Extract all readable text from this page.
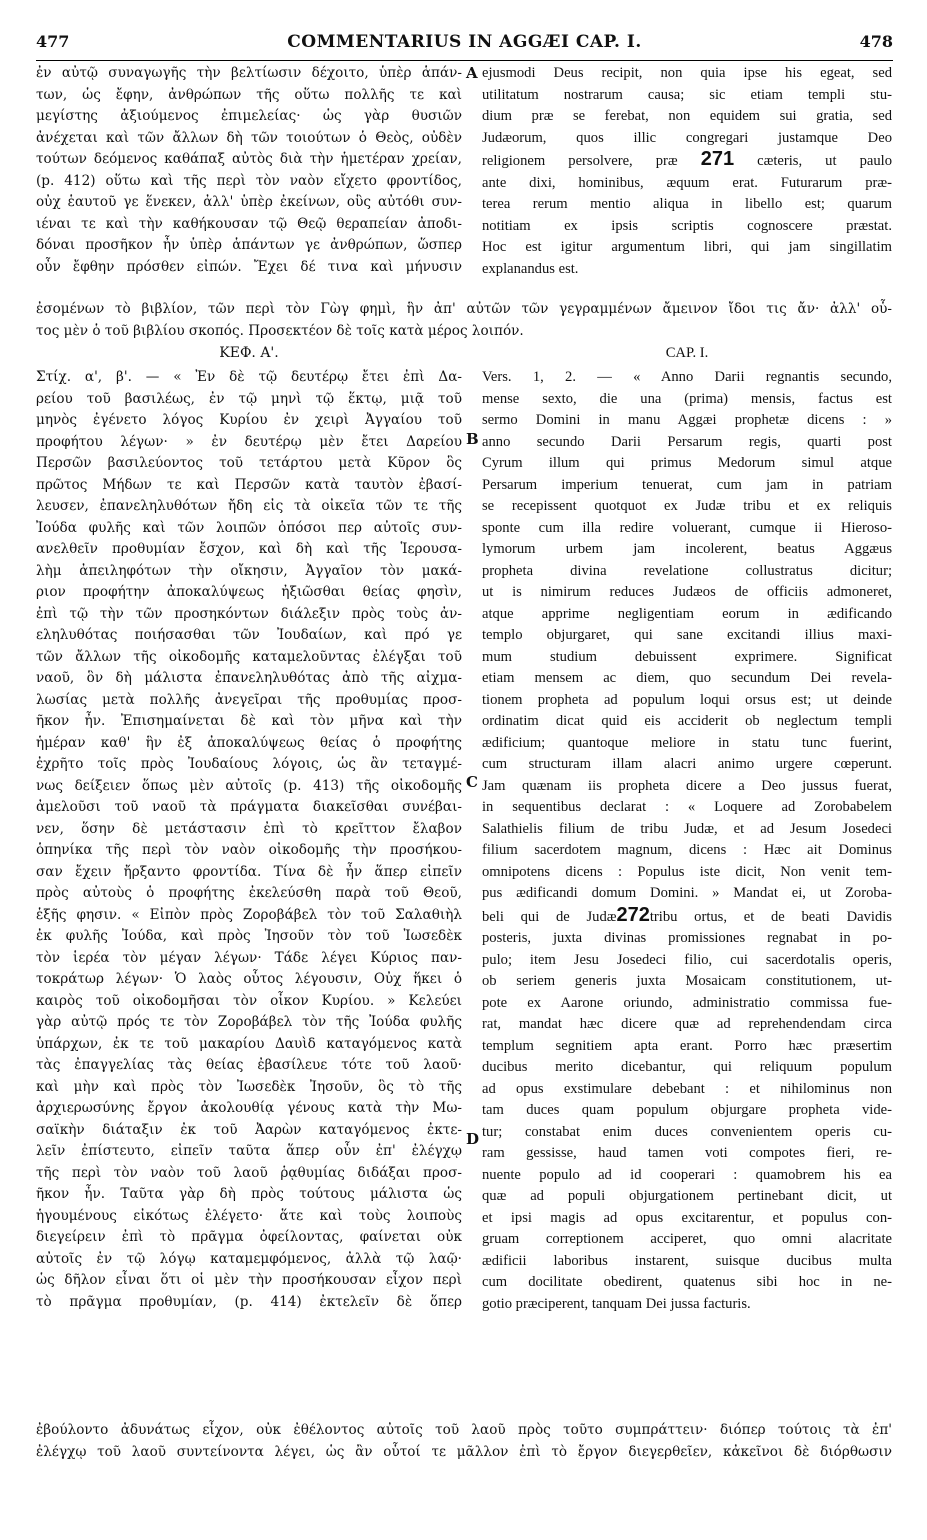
477	COMMENTARIUS IN AGGÆI CAP. I.	478
ἐν αὐτῷ συναγωγῆς τὴν βελτίωσιν δέχοιτο, ὑπὲρ ἁπάν-
των, ὡς ἔφην, ἀνθρώπων τῆς οὕτω πολλῆς τε καὶ
μεγίστης ἀξιούμενος ἐπιμελείας· ὡς γὰρ θυσιῶν
ἀνέχεται καὶ τῶν ἄλλων δὴ τῶν τοιούτων ὁ Θεὸς, οὐδὲν
τούτων δεόμενος καθάπαξ αὐτὸς διὰ τὴν ἡμετέραν χρείαν,
(p. 412) οὕτω καὶ τῆς περὶ τὸν ναὸν εἴχετο φροντίδος,
οὐχ ἑαυτοῦ γε ἕνεκεν, ἀλλ' ὑπὲρ ἐκείνων, οὓς αὐτόθι συν-
ιέναι τε καὶ τὴν καθήκουσαν τῷ Θεῷ θεραπείαν ἀποδι-
δόναι προσῆκον ἦν ὑπὲρ ἁπάντων γε ἀνθρώπων, ὥσπερ
οὖν ἔφθην πρόσθεν εἰπών. Ἔχει δέ τινα καὶ μήνυσιν
ejusmodi Deus recipit, non quia ipse his egeat, sed
utilitatum nostrarum causa; sic etiam templi stu-
dium præ se ferebat, non equidem sui gratia, sed
Judæorum, quos illic congregari justamque Deo
religionem persolvere, præ 271 cæteris, ut paulo
ante dixi, hominibus, æquum erat. Futurarum præ-
terea rerum mentio aliqua in libello est; quarum
notitiam ex ipsis scriptis cognoscere præstat.
Hoc est igitur argumentum libri, qui jam singillatim
explanandus est.
A
B
C
D
ἐσομένων τὸ βιβλίον, τῶν περὶ τὸν Γὼγ φημὶ, ἣν ἀπ' αὐτῶν τῶν γεγραμμένων ἄμεινον ἴδοι τις ἄν· ἀλλ' οὗ-
τος μὲν ὁ τοῦ βιβλίου σκοπός. Προσεκτέον δὲ τοῖς κατὰ μέρος λοιπόν.
ΚΕΦ. Α'.	CAP. I.
Στίχ. α', β'. — « Ἐν δὲ τῷ δευτέρῳ ἔτει ἐπὶ Δα-
ρείου τοῦ βασιλέως, ἐν τῷ μηνὶ τῷ ἕκτῳ, μιᾷ τοῦ
μηνὸς ἐγένετο λόγος Κυρίου ἐν χειρὶ Ἀγγαίου τοῦ
προφήτου λέγων· » ἐν δευτέρῳ μὲν ἔτει Δαρείου
Περσῶν βασιλεύοντος τοῦ τετάρτου μετὰ Κῦρον ὃς
πρῶτος Μήδων τε καὶ Περσῶν κατὰ ταυτὸν ἐβασί-
λευσεν, ἐπανεληλυθότων ἤδη εἰς τὰ οἰκεῖα τῶν τε τῆς
Ἰούδα φυλῆς καὶ τῶν λοιπῶν ὁπόσοι περ αὐτοῖς συν-
ανελθεῖν προθυμίαν ἔσχον, καὶ δὴ καὶ τῆς Ἱερουσα-
λὴμ ἀπειληφότων τὴν οἴκησιν, Ἀγγαῖον τὸν μακά-
ριον προφήτην ἀποκαλύψεως ἠξιῶσθαι θείας φησὶν,
ἐπὶ τῷ τὴν τῶν προσηκόντων διάλεξιν πρὸς τοὺς ἀν-
εληλυθότας ποιήσασθαι τῶν Ἰουδαίων, καὶ πρό γε
τῶν ἄλλων τῆς οἰκοδομῆς καταμελοῦντας ἐλέγξαι τοῦ
ναοῦ, ὃν δὴ μάλιστα ἐπανεληλυθότας ἀπὸ τῆς αἰχμα-
λωσίας μετὰ πολλῆς ἀνεγεῖραι τῆς προθυμίας προσ-
ῆκον ἦν. Ἐπισημαίνεται δὲ καὶ τὸν μῆνα καὶ τὴν
ἡμέραν καθ' ἣν ἐξ ἀποκαλύψεως θείας ὁ προφήτης
ἐχρῆτο τοῖς πρὸς Ἰουδαίους λόγοις, ὡς ἂν τεταγμέ-
νως δείξειεν ὅπως μὲν αὐτοῖς (p. 413) τῆς οἰκοδομῆς
ἀμελοῦσι τοῦ ναοῦ τὰ πράγματα διακεῖσθαι συνέβαι-
νεν, ὅσην δὲ μετάστασιν ἐπὶ τὸ κρεῖττον ἔλαβον
ὁπηνίκα τῆς περὶ τὸν ναὸν οἰκοδομῆς τὴν προσήκου-
σαν ἔχειν ἤρξαντο φροντίδα. Τίνα δὲ ἦν ἅπερ εἰπεῖν
πρὸς αὐτοὺς ὁ προφήτης ἐκελεύσθη παρὰ τοῦ Θεοῦ,
ἑξῆς φησιν. « Εἰπὸν πρὸς Ζοροβάβελ τὸν τοῦ Σαλαθιὴλ
ἐκ φυλῆς Ἰούδα, καὶ πρὸς Ἰησοῦν τὸν τοῦ Ἰωσεδὲκ
τὸν ἱερέα τὸν μέγαν λέγων· Τάδε λέγει Κύριος παν-
τοκράτωρ λέγων· Ὁ λαὸς οὗτος λέγουσιν, Οὐχ ἥκει ὁ
καιρὸς τοῦ οἰκοδομῆσαι τὸν οἶκον Κυρίου. » Κελεύει
γὰρ αὐτῷ πρός τε τὸν Ζοροβάβελ τὸν τῆς Ἰούδα φυλῆς
ὑπάρχων, ἐκ τε τοῦ μακαρίου Δαυὶδ καταγόμενος κατὰ
τὰς ἐπαγγελίας τὰς θείας ἐβασίλευε τότε τοῦ λαοῦ·
καὶ μὴν καὶ πρὸς τὸν Ἰωσεδὲκ Ἰησοῦν, ὃς τὸ τῆς
ἀρχιερωσύνης ἔργον ἀκολουθίᾳ γένους κατὰ τὴν Μω-
σαϊκὴν διάταξιν ἐκ τοῦ Ἀαρὼν καταγόμενος ἐκτε-
λεῖν ἐπίστευτο, εἰπεῖν ταῦτα ἅπερ οὖν ἐπ' ἐλέγχῳ
τῆς περὶ τὸν ναὸν τοῦ λαοῦ ῥᾳθυμίας διδάξαι προσ-
ῆκον ἦν. Ταῦτα γὰρ δὴ πρὸς τούτους μάλιστα ὡς
ἡγουμένους εἰκότως ἐλέγετο· ἅτε καὶ τοὺς λοιποὺς
διεγείρειν ἐπὶ τὸ πρᾶγμα ὀφείλοντας, φαίνεται οὐκ
αὐτοῖς ἐν τῷ λόγῳ καταμεμφόμενος, ἀλλὰ τῷ λαῷ·
ὡς δῆλον εἶναι ὅτι οἱ μὲν τὴν προσήκουσαν εἶχον περὶ
τὸ πρᾶγμα προθυμίαν, (p. 414) ἐκτελεῖν δὲ ὅπερ
Vers. 1, 2. — « Anno Darii regnantis secundo,
mense sexto, die una (prima) mensis, factus est
sermo Domini in manu Aggæi prophetæ dicens : »
anno secundo Darii Persarum regis, quarti post
Cyrum illum qui primus Medorum simul atque
Persarum imperium tenuerat, cum jam in patriam
se recepissent quotquot ex Judæ tribu et ex reliquis
sponte cum illa redire voluerant, cumque ii Hieroso-
lymorum urbem jam incolerent, beatus Aggæus
propheta divina revelatione collustratus dicitur;
ut is nimirum reduces Judæos de officiis admoneret,
atque apprime negligentiam eorum in ædificando
templo objurgaret, qui sane excitandi illius maxi-
mum studium debuissent exprimere. Significat
etiam mensem ac diem, quo secundum Dei revela-
tionem propheta ad populum loqui orsus est; ut deinde
ordinatim dicat quid eis acciderit ob neglectum templi
ædificium; quantoque meliore in statu tunc fuerint,
cum structuram illam alacri animo urgere cœperunt.
Jam quænam iis propheta dicere a Deo jussus fuerat,
in sequentibus declarat : « Loquere ad Zorobabelem
Salathielis filium de tribu Judæ, et ad Jesum Josedeci
filium sacerdotem magnum, dicens : Hæc ait Dominus
omnipotens dicens : Populus iste dicit, Non venit tem-
pus ædificandi domum Domini. » Mandat ei, ut Zoroba-
beli qui de Judæ272tribu ortus, et de beati Davidis
posteris, juxta divinas promissiones regnabat in po-
pulo; item Jesu Josedeci filio, cui sacerdotalis operis,
ob seriem generis juxta Mosaicam constitutionem, ut-
pote ex Aarone oriundo, administratio commissa fue-
rat, mandat hæc dicere quæ ad reprehendendam circa
templum segnitiem apta erant. Porro hæc præsertim
ducibus merito dicebantur, qui reliquum populum
ad opus exstimulare debebant : et nihilominus non
tam duces quam populum objurgare propheta vide-
tur; constabat enim duces convenientem operis cu-
ram gessisse, haud tamen voti compotes fieri, re-
nuente populo ad id cooperari : quamobrem his ea
quæ ad populi objurgationem pertinebant dicit, ut
et ipsi magis ad opus excitarentur, et populus con-
gruam correptionem acciperet, quo omni alacritate
ædificii laboribus instarent, suisque ducibus multa
cum docilitate obedirent, quatenus sibi hoc in ne-
gotio præciperent, tanquam Dei jussa facturis.
ἐβούλοντο ἀδυνάτως εἶχον, οὐκ ἐθέλοντος αὐτοῖς τοῦ λαοῦ πρὸς τοῦτο συμπράττειν· διόπερ τούτοις τὰ ἐπ'
ἐλέγχῳ τοῦ λαοῦ συντείνοντα λέγει, ὡς ἂν οὗτοί τε μᾶλλον ἐπὶ τὸ ἔργον διεγερθεῖεν, κἀκεῖνοι δὲ διόρθωσιν
